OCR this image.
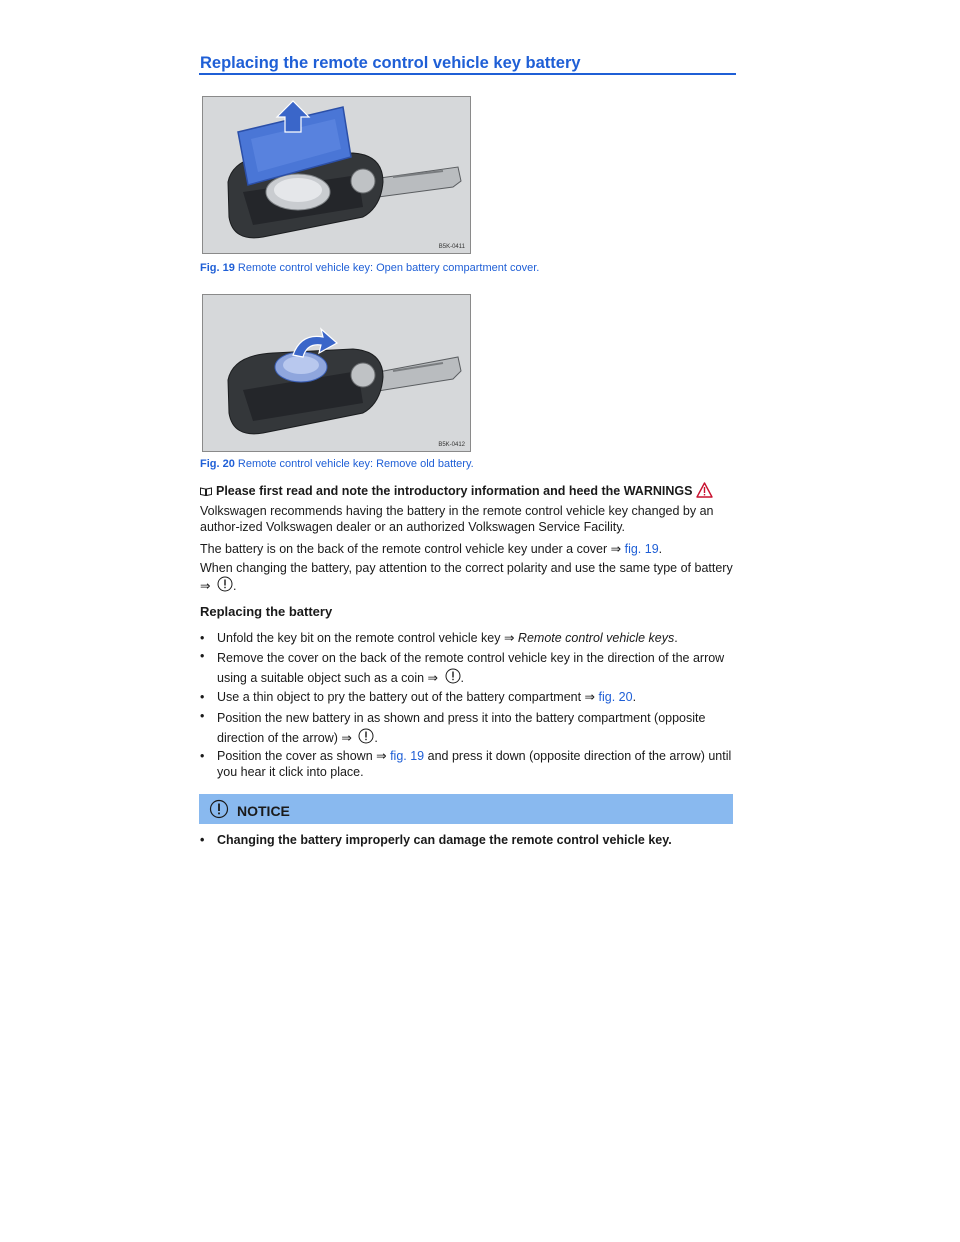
Replacing the remote control vehicle key battery
B5K-0411
Fig. 19 Remote control vehicle key: Open battery compartment cover.
B5K-0412
Fig. 20 Remote control vehicle key: Remove old battery.
Please first read and note the introductory information and heed the WARNINGS
Volkswagen recommends having the battery in the remote control vehicle key changed by an author-ized Volkswagen dealer or an authorized Volkswagen Service Facility.
The battery is on the back of the remote control vehicle key under a cover ⇒ fig. 19.
When changing the battery, pay attention to the correct polarity and use the same type of battery
⇒ .
Replacing the battery
• Unfold the key bit on the remote control vehicle key ⇒ Remote control vehicle keys.
• Remove the cover on the back of the remote control vehicle key in the direction of the arrow using a suitable object such as a coin ⇒ .
• Use a thin object to pry the battery out of the battery compartment ⇒ fig. 20.
• Position the new battery in as shown and press it into the battery compartment (opposite direction of the arrow) ⇒ .
• Position the cover as shown ⇒ fig. 19 and press it down (opposite direction of the arrow) until you hear it click into place.
NOTICE
• Changing the battery improperly can damage the remote control vehicle key.
